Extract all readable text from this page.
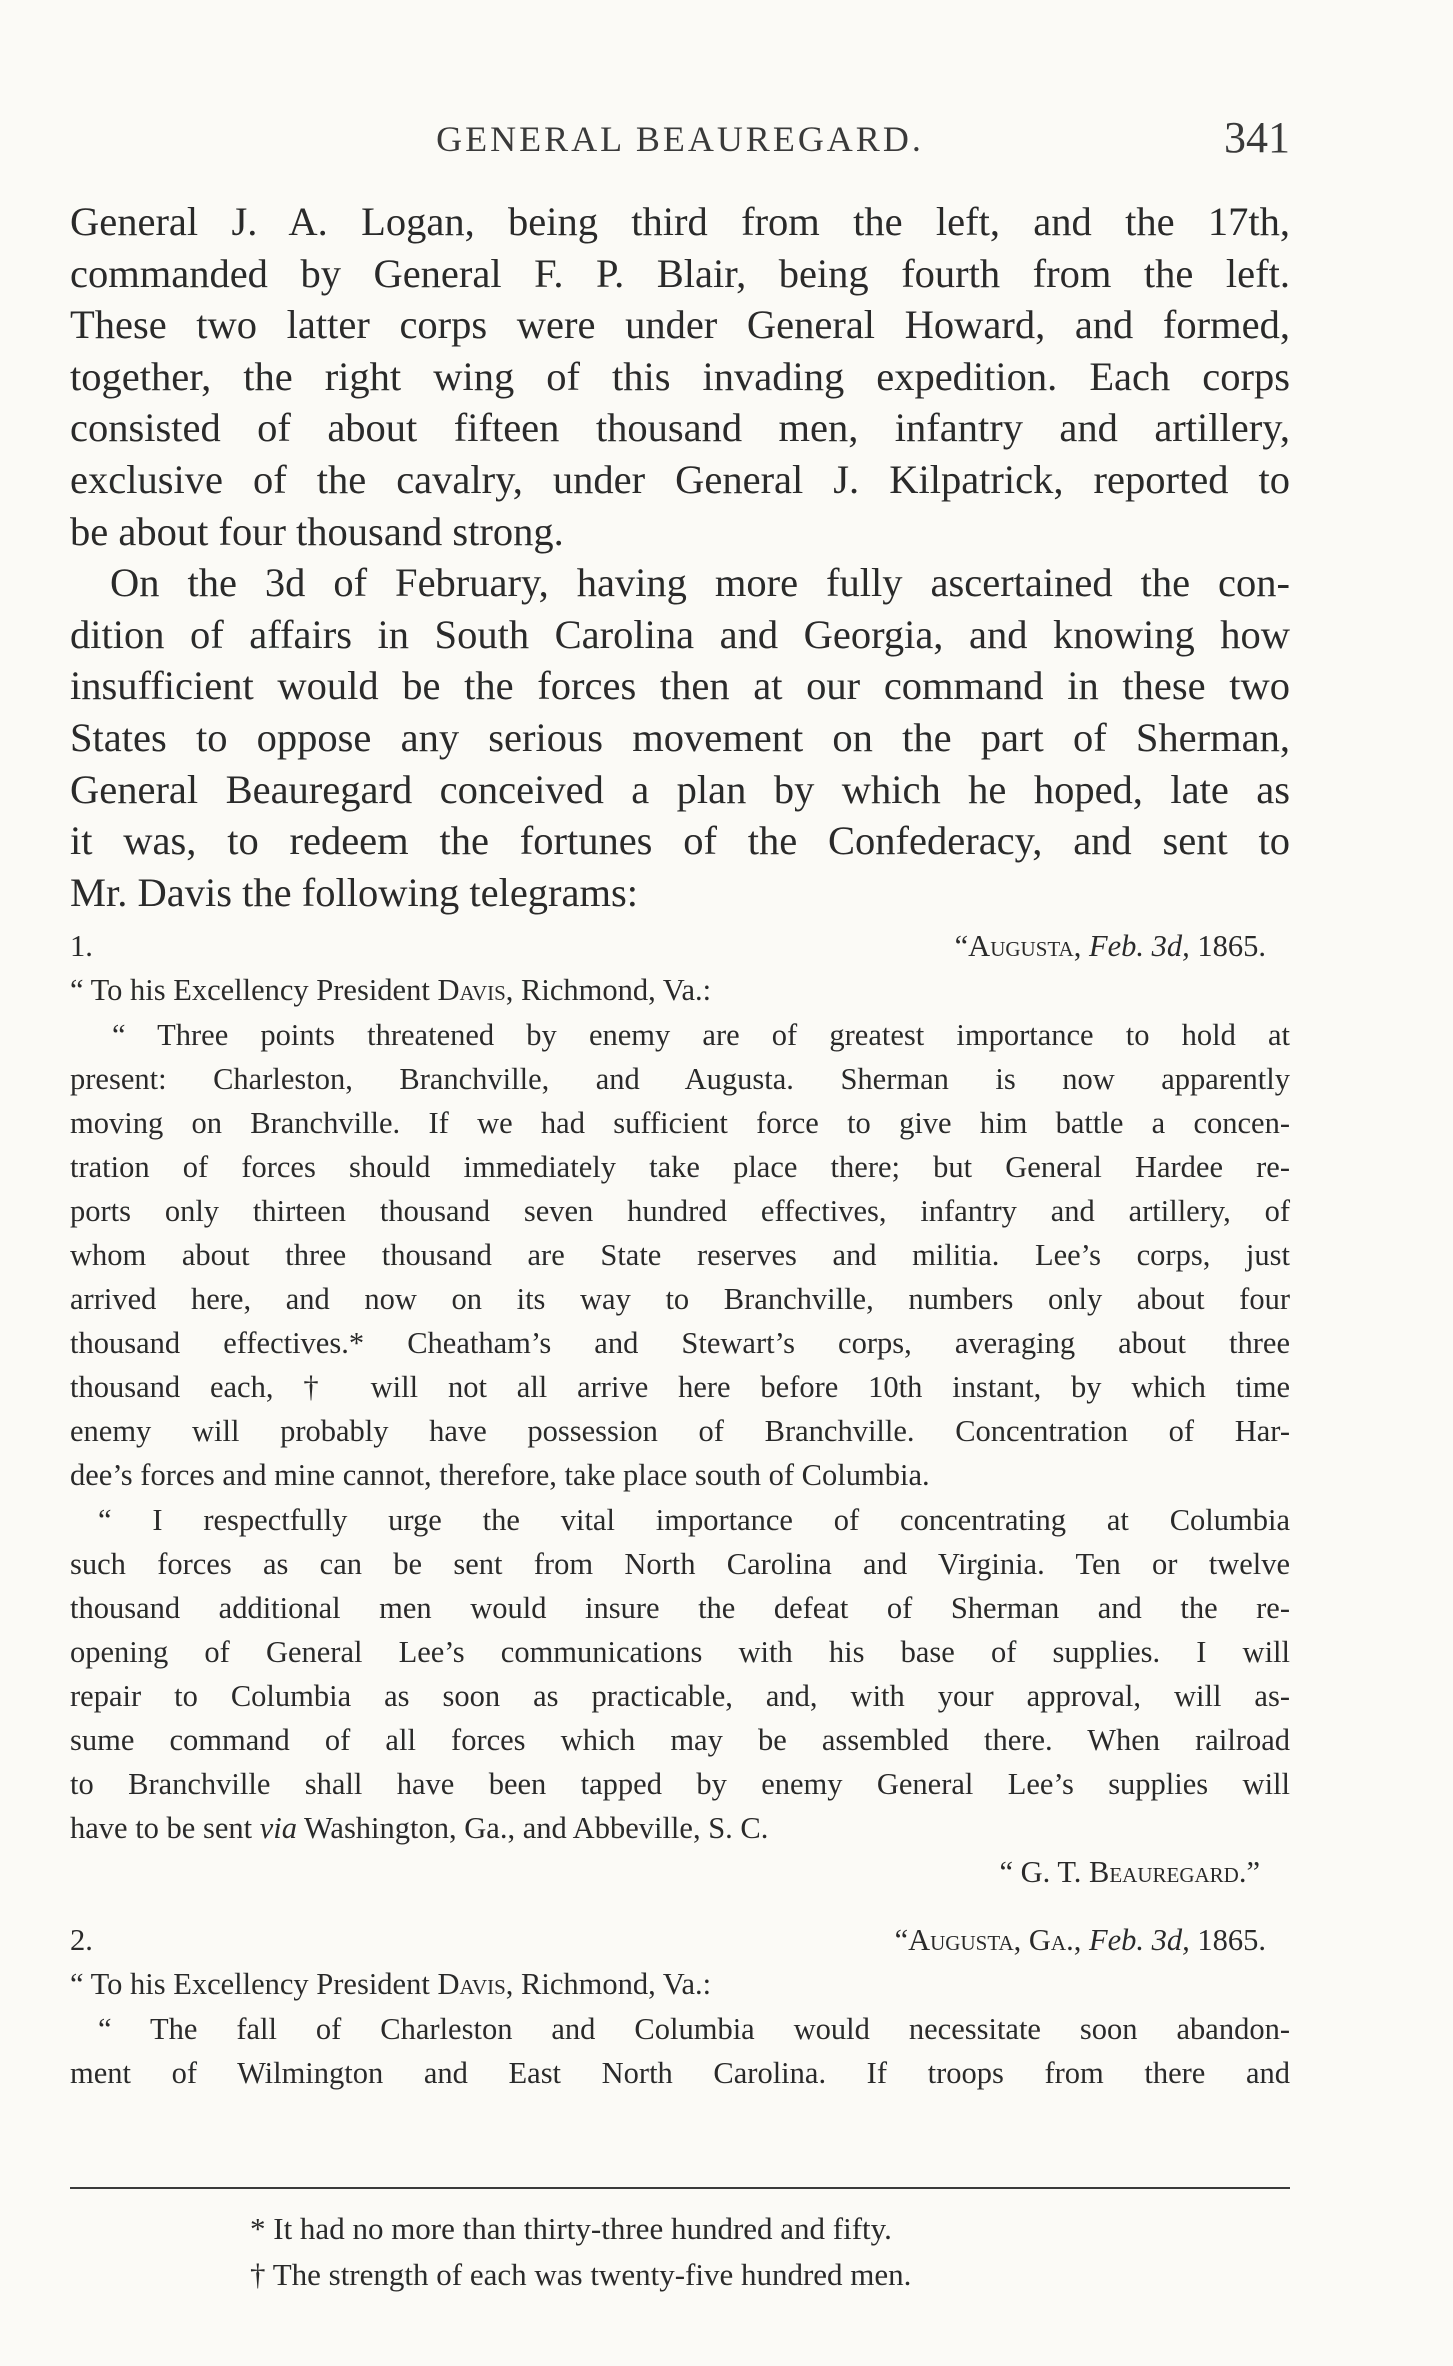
GENERAL BEAUREGARD.	341
General J. A. Logan, being third from the left, and the 17th,
commanded by General F. P. Blair, being fourth from the left.
These two latter corps were under General Howard, and formed,
together, the right wing of this invading expedition. Each corps
consisted of about fifteen thousand men, infantry and artillery,
exclusive of the cavalry, under General J. Kilpatrick, reported to
be about four thousand strong.
On the 3d of February, having more fully ascertained the con-
dition of affairs in South Carolina and Georgia, and knowing how
insufficient would be the forces then at our command in these two
States to oppose any serious movement on the part of Sherman,
General Beauregard conceived a plan by which he hoped, late as
it was, to redeem the fortunes of the Confederacy, and sent to
Mr. Davis the following telegrams:
1.	“Augusta, Feb. 3d, 1865.
“ To his Excellency President Davis, Richmond, Va.:
“ Three points threatened by enemy are of greatest importance to hold at
present: Charleston, Branchville, and Augusta. Sherman is now apparently
moving on Branchville. If we had sufficient force to give him battle a concen-
tration of forces should immediately take place there; but General Hardee re-
ports only thirteen thousand seven hundred effectives, infantry and artillery, of
whom about three thousand are State reserves and militia. Lee’s corps, just
arrived here, and now on its way to Branchville, numbers only about four
thousand effectives.* Cheatham’s and Stewart’s corps, averaging about three
thousand each, † will not all arrive here before 10th instant, by which time
enemy will probably have possession of Branchville. Concentration of Har-
dee’s forces and mine cannot, therefore, take place south of Columbia.
“ I respectfully urge the vital importance of concentrating at Columbia
such forces as can be sent from North Carolina and Virginia. Ten or twelve
thousand additional men would insure the defeat of Sherman and the re-
opening of General Lee’s communications with his base of supplies. I will
repair to Columbia as soon as practicable, and, with your approval, will as-
sume command of all forces which may be assembled there. When railroad
to Branchville shall have been tapped by enemy General Lee’s supplies will
have to be sent via Washington, Ga., and Abbeville, S. C.
“ G. T. Beauregard.”
2.	“Augusta, Ga., Feb. 3d, 1865.
“ To his Excellency President Davis, Richmond, Va.:
“ The fall of Charleston and Columbia would necessitate soon abandon-
ment of Wilmington and East North Carolina. If troops from there and
* It had no more than thirty-three hundred and fifty.
† The strength of each was twenty-five hundred men.
